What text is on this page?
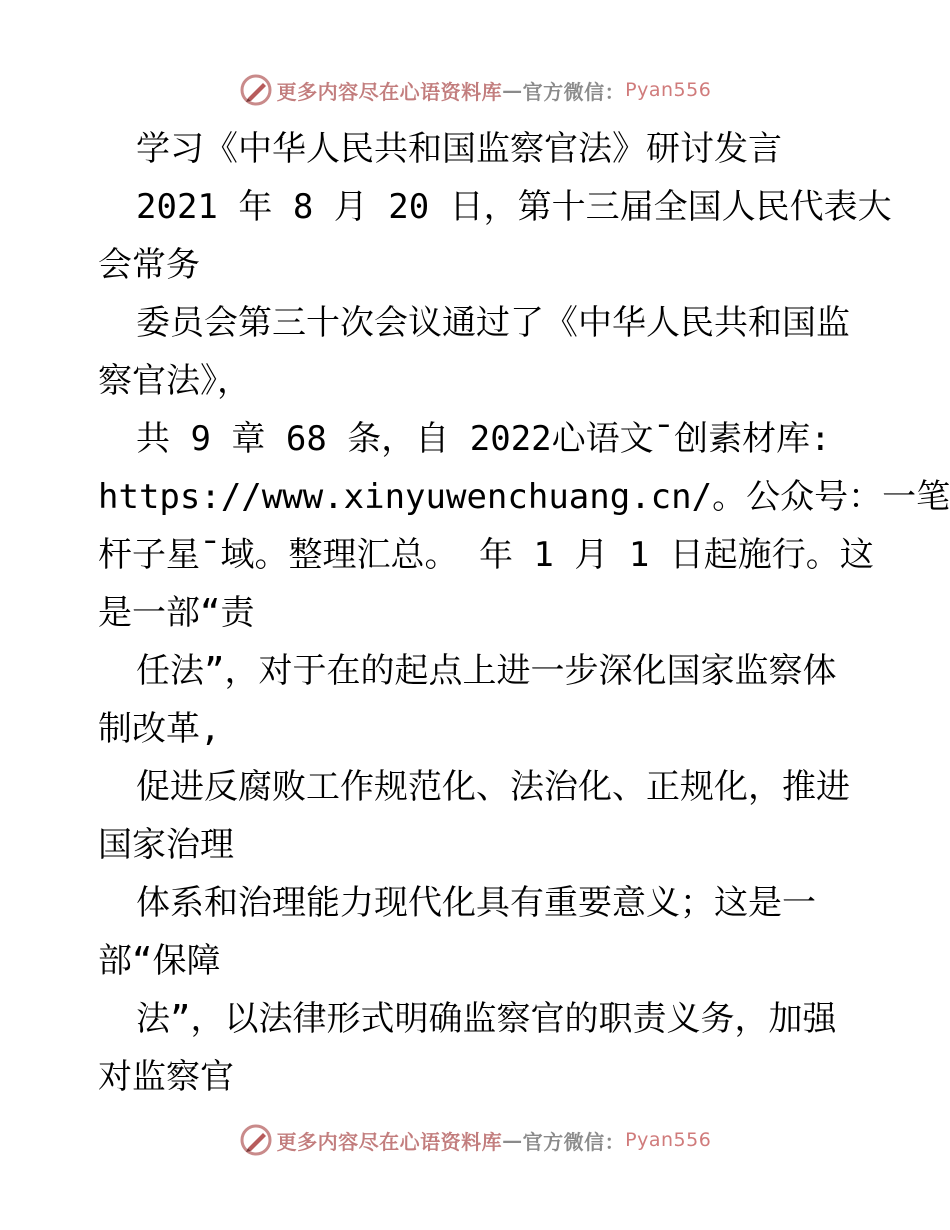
更多内容尽在心语资料库 — 官方微信： Pyan556
学习《中华人民共和国监察官法》研讨发言
2021 年 8 月 20 日，第十三届全国人民代表大
会常务
委员会第三十次会议通过了《中华人民共和国监
察官法》，
共 9 章 68 条，自 2022心语文¯创素材库:
https://www.xinyuwenchuang.cn/。公众号：一笔
杆子星¯域。整理汇总。 年 1 月 1 日起施行。这
是一部“责
任法”，对于在的起点上进一步深化国家监察体
制改革,
促进反腐败工作规范化、法治化、正规化，推进
国家治理
体系和治理能力现代化具有重要意义；这是一
部“保障
法”，以法律形式明确监察官的职责义务，加强
对监察官
更多内容尽在心语资料库 — 官方微信： Pyan556
